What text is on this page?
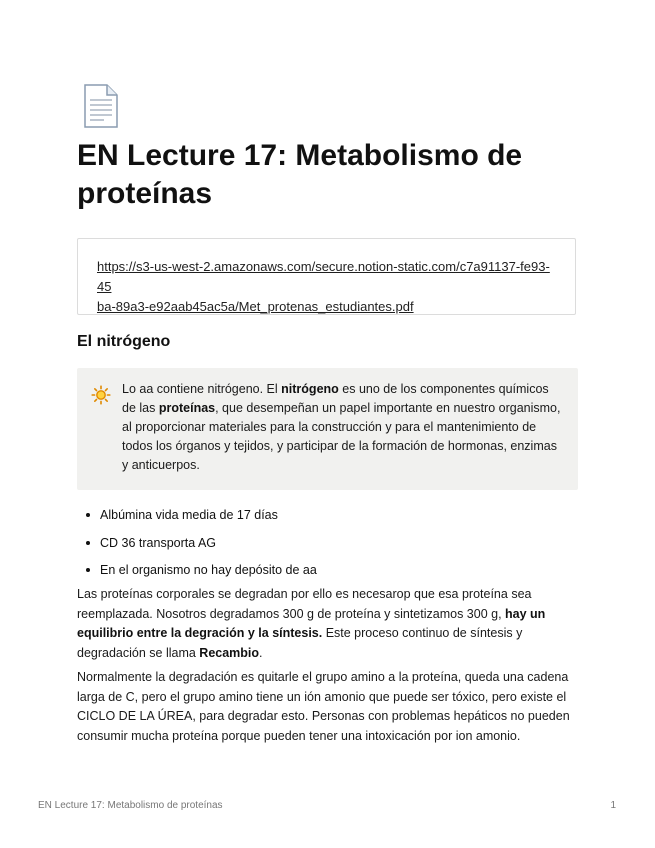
EN Lecture 17: Metabolismo de proteínas
https://s3-us-west-2.amazonaws.com/secure.notion-static.com/c7a91137-fe93-45
ba-89a3-e92aab45ac5a/Met_protenas_estudiantes.pdf
El nitrógeno
Lo aa contiene nitrógeno. El nitrógeno es uno de los componentes químicos de las proteínas, que desempeñan un papel importante en nuestro organismo, al proporcionar materiales para la construcción y para el mantenimiento de todos los órganos y tejidos, y participar de la formación de hormonas, enzimas y anticuerpos.
Albúmina vida media de 17 días
CD 36 transporta AG
En el organismo no hay depósito de aa

Las proteínas corporales se degradan por ello es necesarop que esa proteína sea reemplazada. Nosotros degradamos 300 g de proteína y sintetizamos 300 g, hay un equilibrio entre la degración y la síntesis. Este proceso continuo de síntesis y degradación se llama Recambio.

Normalmente la degradación es quitarle el grupo amino a la proteína, queda una cadena larga de C, pero el grupo amino tiene un ión amonio que puede ser tóxico, pero existe el CICLO DE LA ÚREA, para degradar esto. Personas con problemas hepáticos no pueden consumir mucha proteína porque pueden tener una intoxicación por ion amonio.

EN Lecture 17: Metabolismo de proteínas	1
